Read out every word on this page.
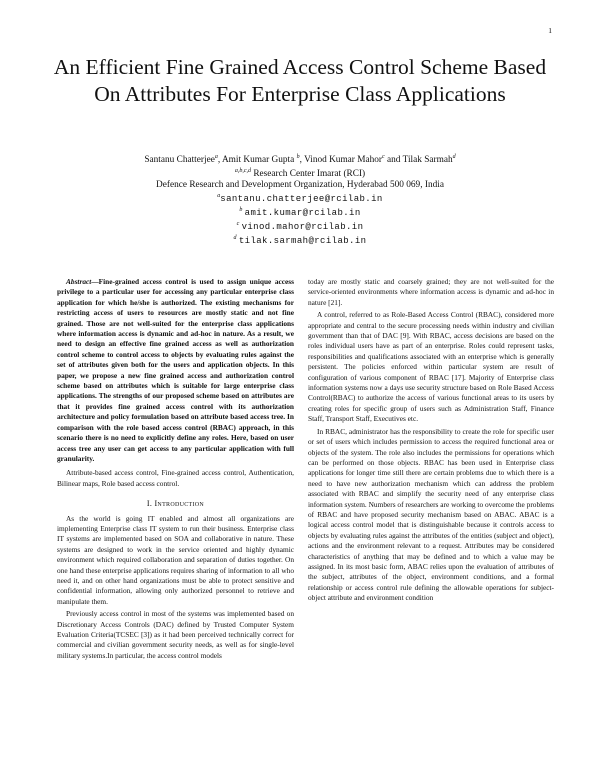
1
An Efficient Fine Grained Access Control Scheme Based On Attributes For Enterprise Class Applications
Santanu Chatterjee$^a$, Amit Kumar Gupta $^b$, Vinod Kumar Mahor$^c$ and Tilak Sarmah$^d$
$^{a,b,c,d}$ Research Center Imarat (RCI)
Defence Research and Development Organization, Hyderabad 500 069, India
$^a$santanu.chatterjee@rcilab.in
$^b$ amit.kumar@rcilab.in
$^c$ vinod.mahor@rcilab.in
$^d$ tilak.sarmah@rcilab.in

Abstract—Fine-grained access control is used to assign unique access privilege to a particular user for accessing any particular enterprise class application for which he/she is authorized. The existing mechanisms for restricting access of users to resources are mostly static and not fine grained. Those are not well-suited for the enterprise class applications where information access is dynamic and ad-hoc in nature. As a result, we need to design an effective fine grained access as well as authorization control scheme to control access to objects by evaluating rules against the set of attributes given both for the users and application objects. In this paper, we propose a new fine grained access and authorization control scheme based on attributes which is suitable for large enterprise class applications. The strengths of our proposed scheme based on attributes are that it provides fine grained access control with its authorization architecture and policy formulation based on attribute based access tree. In comparison with the role based access control (RBAC) approach, in this scenario there is no need to explicitly define any roles. Here, based on user access tree any user can get access to any particular application with full granularity.

Attribute-based access control, Fine-grained access control, Authentication, Bilinear maps, Role based access control.

I. Introduction

As the world is going IT enabled and almost all organizations are implementing Enterprise class IT system to run their business. Enterprise class IT systems are implemented based on SOA and collaborative in nature. These systems are designed to work in the service oriented and highly dynamic environment which required collaboration and separation of duties together. On one hand these enterprise applications requires sharing of information to all who need it, and on other hand organizations must be able to protect sensitive and confidential information, allowing only authorized personnel to retrieve and manipulate them.

Previously access control in most of the systems was implemented based on Discretionary Access Controls (DAC) defined by Trusted Computer System Evaluation Criteria(TCSEC [3]) as it had been perceived technically correct for commercial and civilian government security needs, as well as for single-level military systems.In particular, the access control models

today are mostly static and coarsely grained; they are not well-suited for the service-oriented environments where information access is dynamic and ad-hoc in nature [21].

A control, referred to as Role-Based Access Control (RBAC), considered more appropriate and central to the secure processing needs within industry and civilian government than that of DAC [9]. With RBAC, access decisions are based on the roles individual users have as part of an enterprise. Roles could represent tasks, responsibilities and qualifications associated with an enterprise which is generally persistent. The policies enforced within particular system are result of configuration of various component of RBAC [17]. Majority of Enterprise class information systems now a days use security structure based on Role Based Access Control(RBAC) to authorize the access of various functional areas to its users by creating roles for specific group of users such as Administration Staff, Finance Staff, Transport Staff, Executives etc.

In RBAC, administrator has the responsibility to create the role for specific user or set of users which includes permission to access the required functional area or objects of the system. The role also includes the permissions for operations which can be performed on those objects. RBAC has been used in Enterprise class applications for longer time still there are certain problems due to which there is a need to have new authorization mechanism which can address the problem associated with RBAC and simplify the security need of any enterprise class information system. Numbers of researchers are working to overcome the problems of RBAC and have proposed security mechanism based on ABAC. ABAC is a logical access control model that is distinguishable because it controls access to objects by evaluating rules against the attributes of the entities (subject and object), actions and the environment relevant to a request. Attributes may be considered characteristics of anything that may be defined and to which a value may be assigned. In its most basic form, ABAC relies upon the evaluation of attributes of the subject, attributes of the object, environment conditions, and a formal relationship or access control rule defining the allowable operations for subject-object attribute and environment condition
